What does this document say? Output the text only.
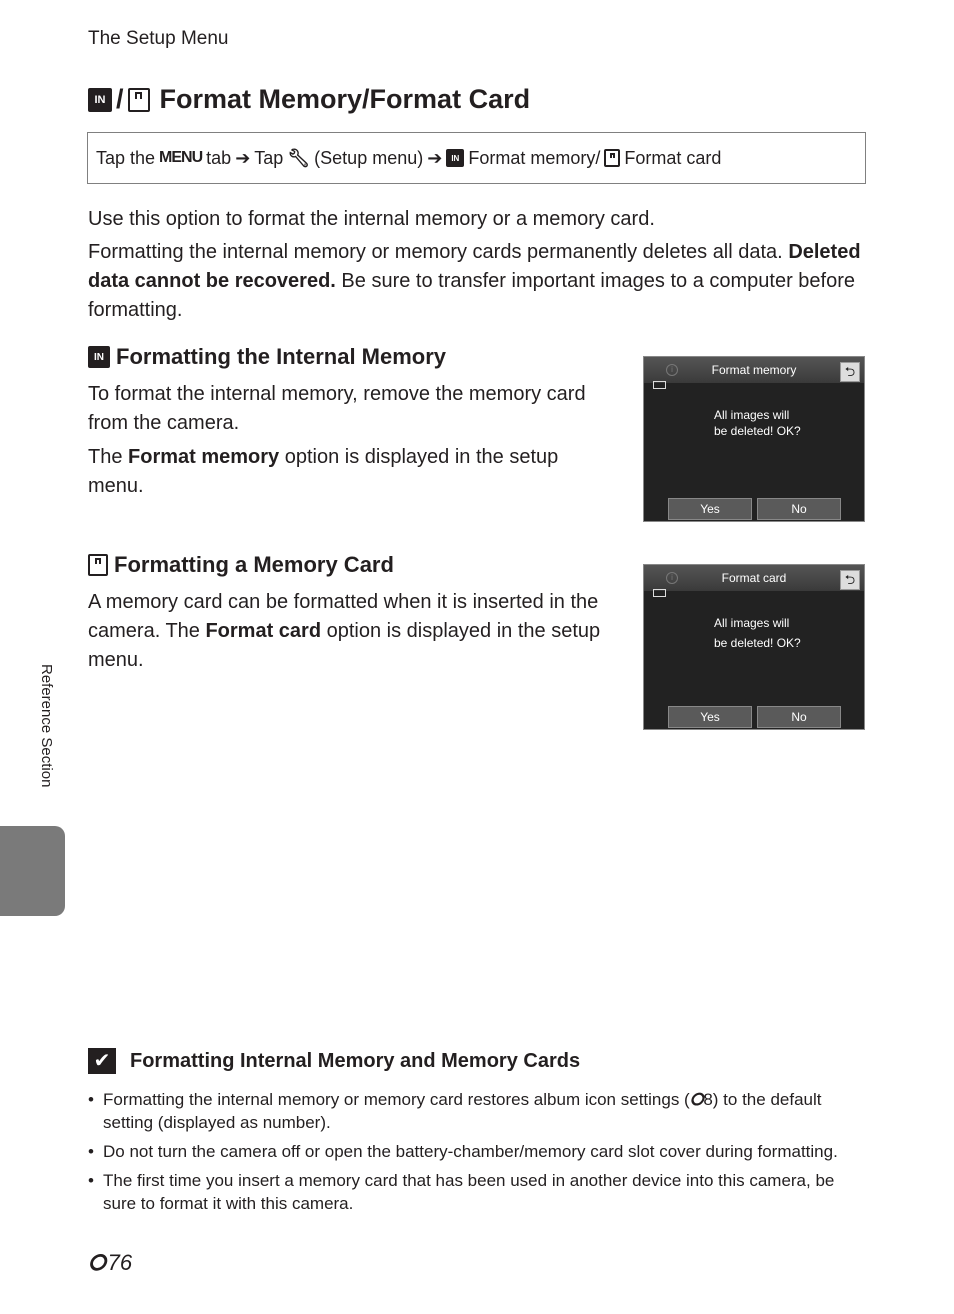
The Setup Menu
IN / Format Memory/Format Card
Tap the MENU tab ➔ Tap 🔧︎ (Setup menu) ➔	IN Format memory/ Format card
Use this option to format the internal memory or a memory card.
Formatting the internal memory or memory cards permanently deletes all data. Deleted data cannot be recovered. Be sure to transfer important images to a computer before formatting.
IN Formatting the Internal Memory
To format the internal memory, remove the memory card from the camera.
The Format memory option is displayed in the setup menu.
i	Format memory	⮌
All images will
be deleted! OK?
Yes	No
Formatting a Memory Card
A memory card can be formatted when it is inserted in the camera. The Format card option is displayed in the setup menu.
i	Format card	⮌
All images will
be deleted! OK?
Yes	No
Reference Section
✔ Formatting Internal Memory and Memory Cards
• Formatting the internal memory or memory card restores album icon settings (⭘8) to the default setting (displayed as number).
• Do not turn the camera off or open the battery-chamber/memory card slot cover during formatting.
• The first time you insert a memory card that has been used in another device into this camera, be sure to format it with this camera.
⭘ 76
